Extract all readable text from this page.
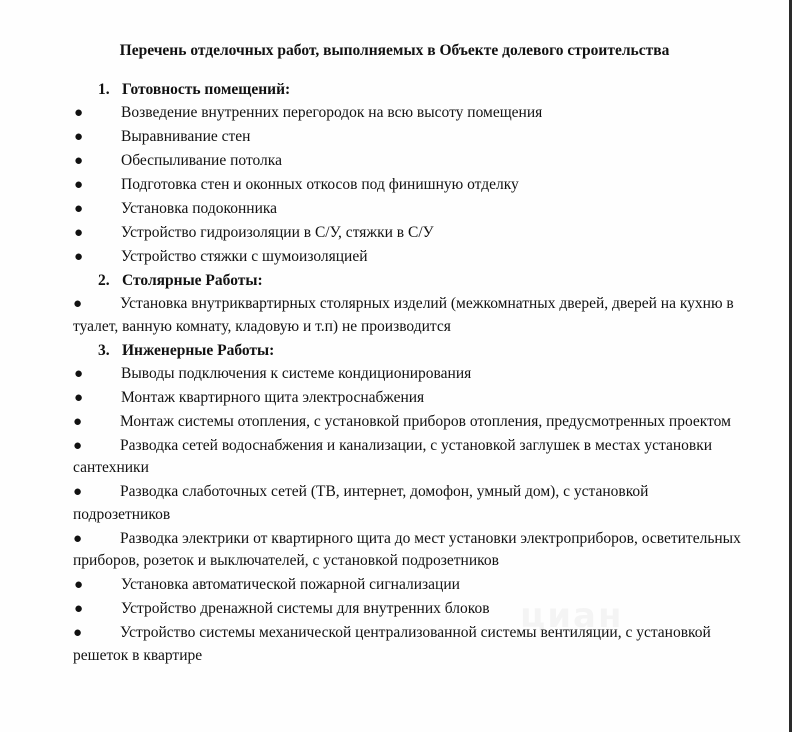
Перечень отделочных работ, выполняемых в Объекте долевого строительства
1. Готовность помещений:
●	Возведение внутренних перегородок на всю высоту помещения
●	Выравнивание стен
●	Обеспыливание потолка
●	Подготовка стен и оконных откосов под финишную отделку
●	Установка подоконника
●	Устройство гидроизоляции в С/У, стяжки в С/У
●	Устройство стяжки с шумоизоляцией
2. Столярные Работы:
●	Установка внутриквартирных столярных изделий (межкомнатных дверей, дверей на кухню в туалет, ванную комнату, кладовую и т.п) не производится
3. Инженерные Работы:
●	Выводы подключения к системе кондиционирования
●	Монтаж квартирного щита электроснабжения
●	Монтаж системы отопления, с установкой приборов отопления, предусмотренных проектом
●	Разводка сетей водоснабжения и канализации, с установкой заглушек в местах установки сантехники
●	Разводка слаботочных сетей (ТВ, интернет, домофон, умный дом), с установкой подрозетников
●	Разводка электрики от квартирного щита до мест установки электроприборов, осветительных приборов, розеток и выключателей, с установкой подрозетников
●	Установка автоматической пожарной сигнализации
●	Устройство дренажной системы для внутренних блоков
●	Устройство системы механической централизованной системы вентиляции, с установкой решеток в квартире
